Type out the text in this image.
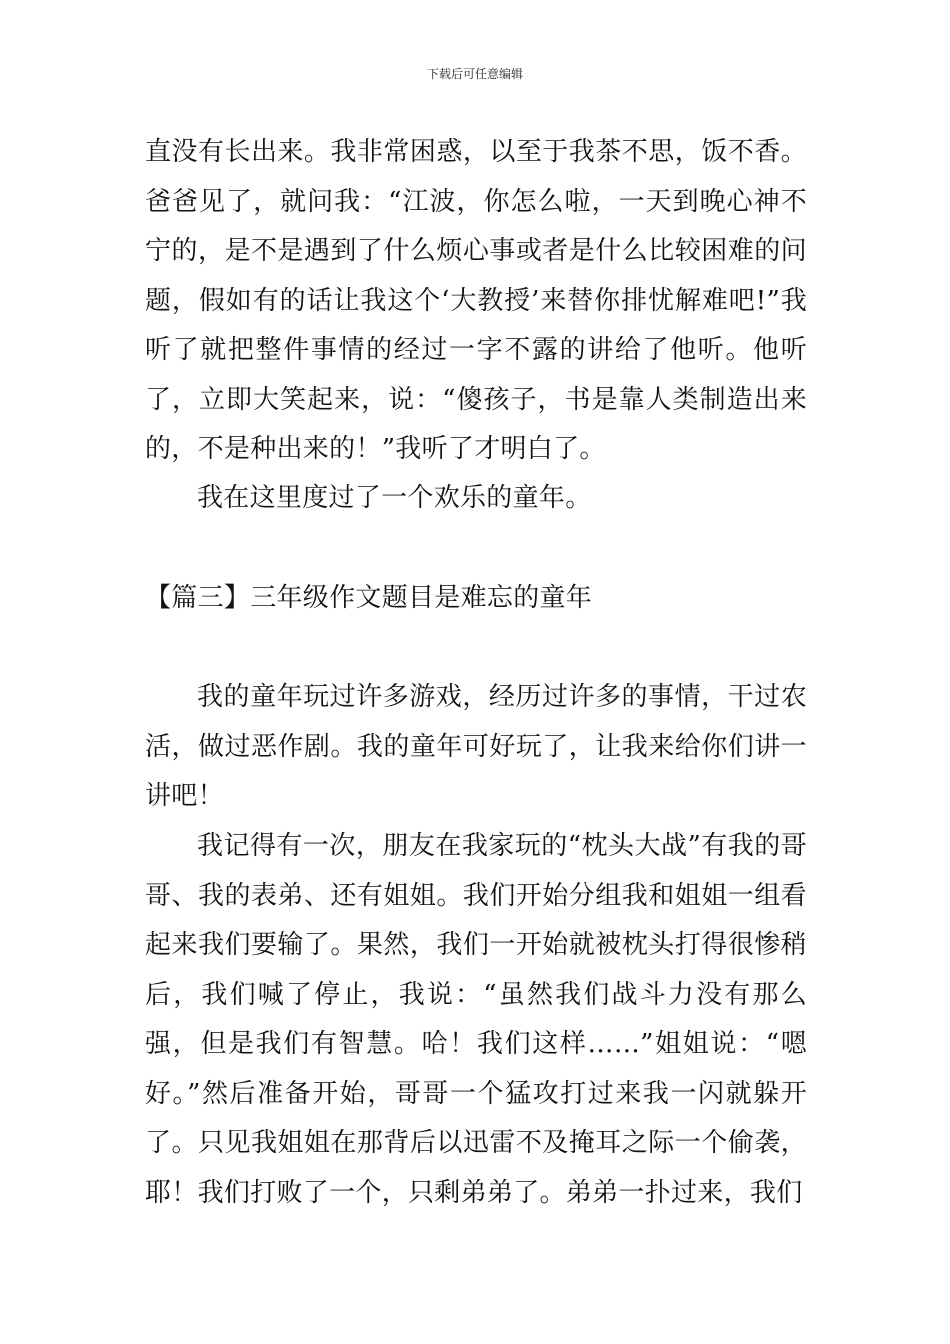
下载后可任意编辑

直没有长出来。我非常困惑，以至于我茶不思，饭不香。爸爸见了，就问我：“江波，你怎么啦，一天到晚心神不宁的，是不是遇到了什么烦心事或者是什么比较困难的问题，假如有的话让我这个‘大教授’来替你排忧解难吧!”我听了就把整件事情的经过一字不露的讲给了他听。他听了，立即大笑起来，说：“傻孩子，书是靠人类制造出来的，不是种出来的！”我听了才明白了。

我在这里度过了一个欢乐的童年。

【篇三】三年级作文题目是难忘的童年

我的童年玩过许多游戏，经历过许多的事情，干过农活，做过恶作剧。我的童年可好玩了，让我来给你们讲一讲吧！

我记得有一次，朋友在我家玩的“枕头大战”有我的哥哥、我的表弟、还有姐姐。我们开始分组我和姐姐一组看起来我们要输了。果然，我们一开始就被枕头打得很惨稍后，我们喊了停止，我说：“虽然我们战斗力没有那么强，但是我们有智慧。哈！我们这样……”姐姐说：“嗯好。”然后准备开始，哥哥一个猛攻打过来我一闪就躲开了。只见我姐姐在那背后以迅雷不及掩耳之际一个偷袭，耶！我们打败了一个，只剩弟弟了。弟弟一扑过来，我们
